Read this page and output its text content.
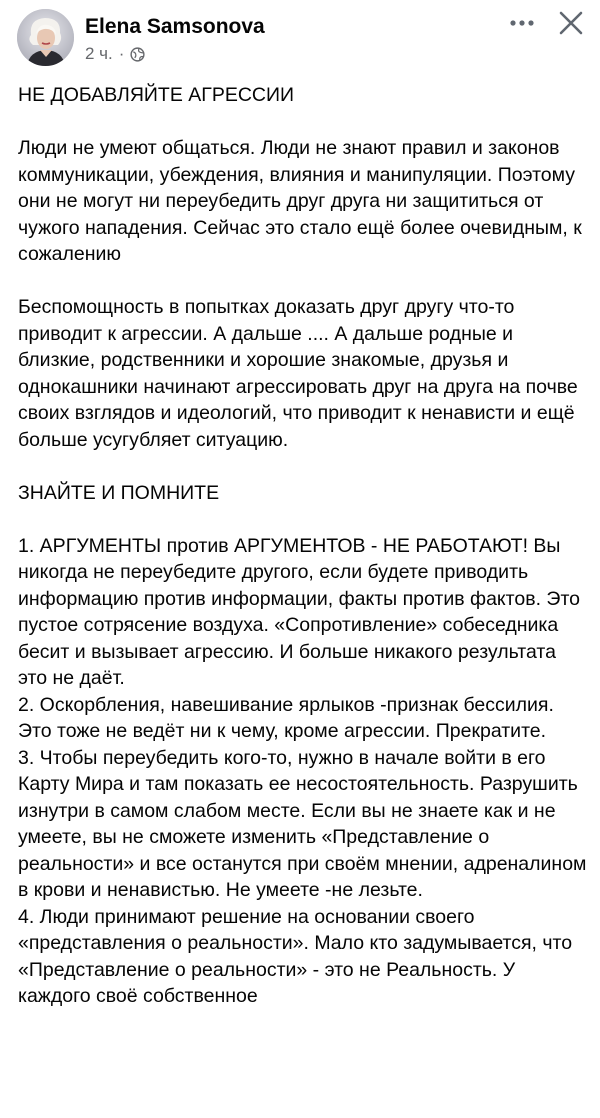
Elena Samsonova
2 ч. ·

НЕ ДОБАВЛЯЙТЕ АГРЕССИИ

Люди не умеют общаться. Люди не знают правил и законов коммуникации, убеждения, влияния и манипуляции. Поэтому они не могут ни переубедить друг друга ни защититься от чужого нападения. Сейчас это стало ещё более очевидным, к сожалению

Беспомощность в попытках доказать друг другу что-то приводит к агрессии. А дальше .... А дальше родные и близкие, родственники и хорошие знакомые, друзья и однокашники начинают агрессировать друг на друга на почве своих взглядов и идеологий, что приводит к ненависти и ещё больше усугубляет ситуацию.

ЗНАЙТЕ И ПОМНИТЕ

1. АРГУМЕНТЫ против АРГУМЕНТОВ - НЕ РАБОТАЮТ! Вы никогда не переубедите другого, если будете приводить информацию против информации, факты против фактов. Это пустое сотрясение воздуха. «Сопротивление» собеседника бесит и вызывает агрессию. И больше никакого результата это не даёт.

2. Оскорбления, навешивание ярлыков -признак бессилия. Это тоже не ведёт ни к чему, кроме агрессии. Прекратите.

3. Чтобы переубедить кого-то, нужно в начале войти в его Карту Мира и там показать ее несостоятельность. Разрушить изнутри в самом слабом месте. Если вы не знаете как и не умеете, вы не сможете изменить «Представление о реальности» и все останутся при своём мнении, адреналином в крови и ненавистью. Не умеете -не лезьте.

4. Люди принимают решение на основании своего «представления о реальности». Мало кто задумывается, что «Представление о реальности» - это не Реальность. У каждого своё собственное
